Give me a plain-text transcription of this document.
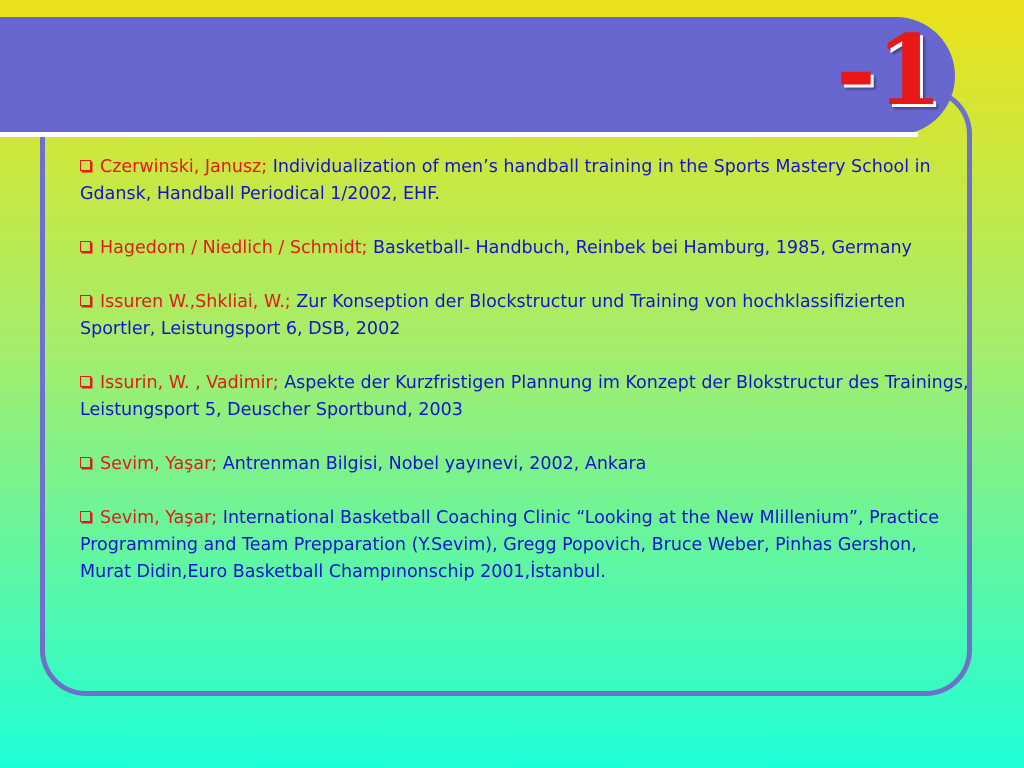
-1

Czerwinski, Janusz; Individualization of men’s handball training in the Sports Mastery School in Gdansk, Handball Periodical 1/2002, EHF.

Hagedorn / Niedlich / Schmidt; Basketball- Handbuch, Reinbek bei Hamburg, 1985, Germany

Issuren W.,Shkliai, W.; Zur Konseption der Blockstructur und Training von hochklassifizierten Sportler, Leistungsport 6, DSB, 2002

Issurin, W. , Vadimir; Aspekte der Kurzfristigen Plannung im Konzept der Blokstructur des Trainings, Leistungsport 5, Deuscher Sportbund, 2003

Sevim, Yaşar; Antrenman Bilgisi, Nobel yayınevi, 2002, Ankara

Sevim, Yaşar; International Basketball Coaching Clinic “Looking at the New Mlillenium”, Practice Programming and Team Prepparation (Y.Sevim), Gregg Popovich, Bruce Weber, Pinhas Gershon, Murat Didin,Euro Basketball Champınonschip 2001,İstanbul.
